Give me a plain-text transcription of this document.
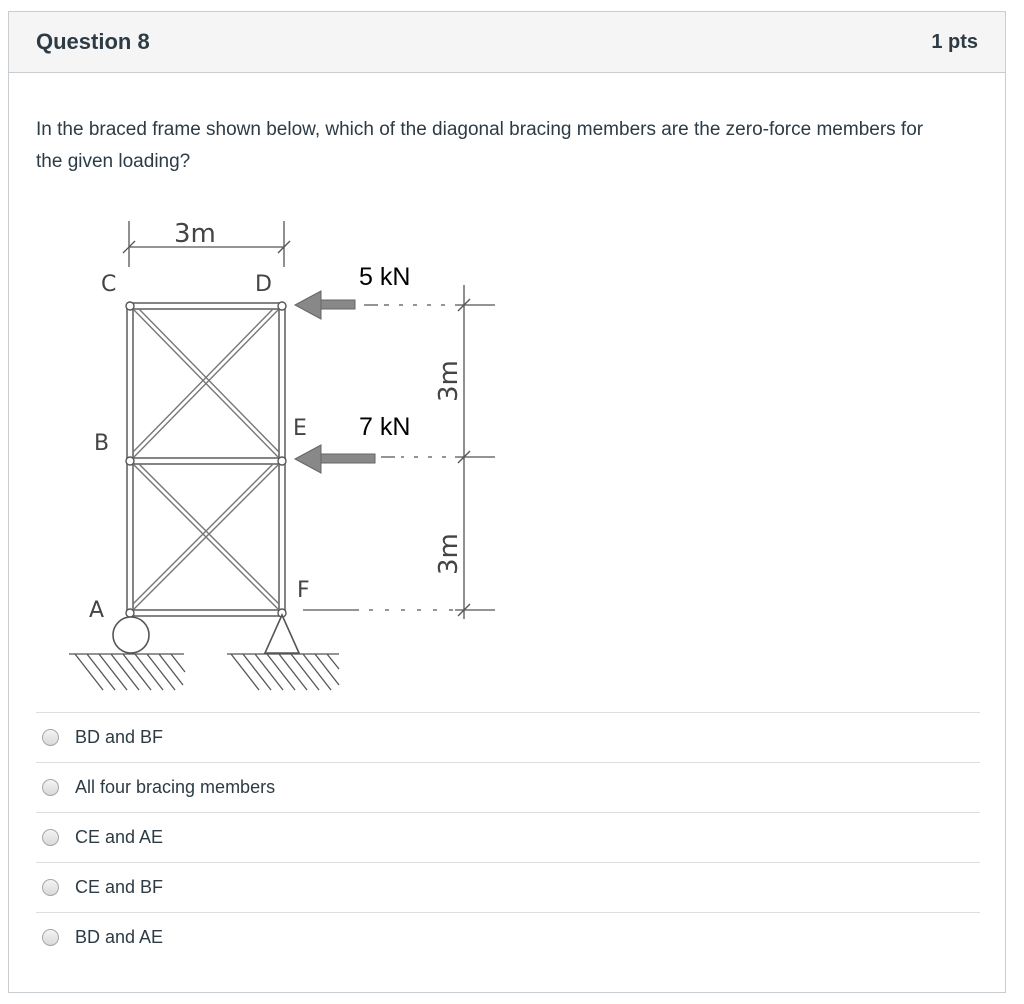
Question 8	1 pts
In the braced frame shown below, which of the diagonal bracing members are the zero-force members for the given loading?
3m
C	D
B
E
A
F
5 kN
7 kN
3m
3m
BD and BF
All four bracing members
CE and AE
CE and BF
BD and AE
